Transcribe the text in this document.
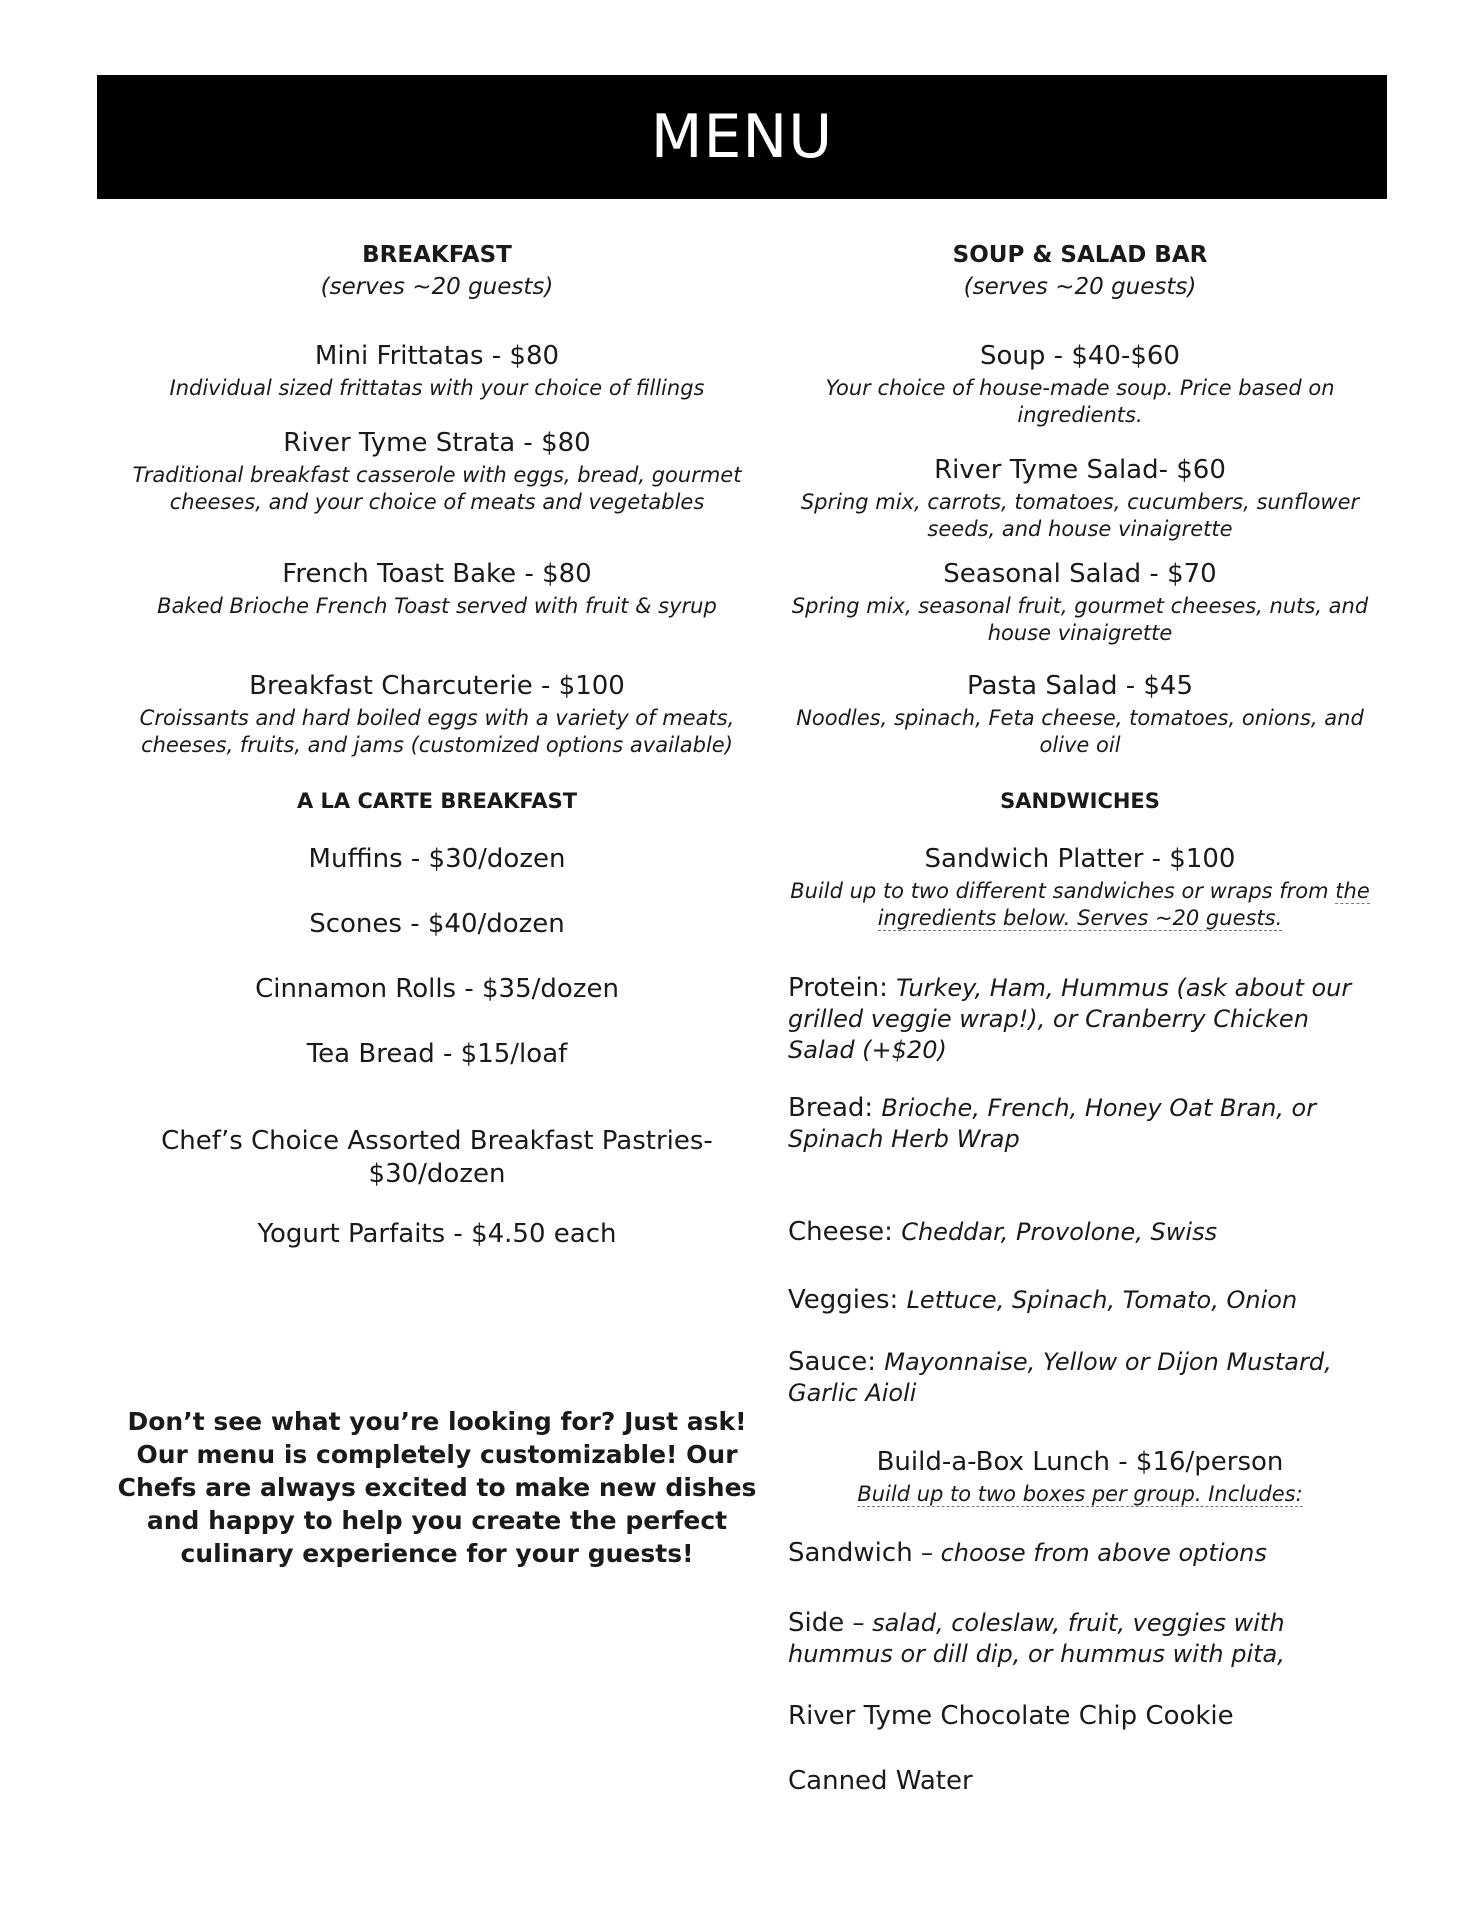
MENU
BREAKFAST
(serves ~20 guests)
Mini Frittatas - $80
Individual sized frittatas with your choice of fillings
River Tyme Strata - $80
Traditional breakfast casserole with eggs, bread, gourmet cheeses, and your choice of meats and vegetables
French Toast Bake - $80
Baked Brioche French Toast served with fruit & syrup
Breakfast Charcuterie - $100
Croissants and hard boiled eggs with a variety of meats, cheeses, fruits, and jams (customized options available)
A LA CARTE BREAKFAST
Muffins - $30/dozen
Scones - $40/dozen
Cinnamon Rolls - $35/dozen
Tea Bread - $15/loaf
Chef’s Choice Assorted Breakfast Pastries- $30/dozen
Yogurt Parfaits - $4.50 each
Don’t see what you’re looking for? Just ask! Our menu is completely customizable! Our Chefs are always excited to make new dishes and happy to help you create the perfect culinary experience for your guests!
SOUP & SALAD BAR
(serves ~20 guests)
Soup - $40-$60
Your choice of house-made soup. Price based on ingredients.
River Tyme Salad- $60
Spring mix, carrots, tomatoes, cucumbers, sunflower seeds, and house vinaigrette
Seasonal Salad - $70
Spring mix, seasonal fruit, gourmet cheeses, nuts, and house vinaigrette
Pasta Salad - $45
Noodles, spinach, Feta cheese, tomatoes, onions, and olive oil
SANDWICHES
Sandwich Platter - $100
Build up to two different sandwiches or wraps from the ingredients below. Serves ~20 guests.
Protein: Turkey, Ham, Hummus (ask about our grilled veggie wrap!), or Cranberry Chicken Salad (+$20)
Bread: Brioche, French, Honey Oat Bran, or Spinach Herb Wrap
Cheese: Cheddar, Provolone, Swiss
Veggies: Lettuce, Spinach, Tomato, Onion
Sauce: Mayonnaise, Yellow or Dijon Mustard, Garlic Aioli
Build-a-Box Lunch - $16/person
Build up to two boxes per group. Includes:
Sandwich – choose from above options
Side – salad, coleslaw, fruit, veggies with hummus or dill dip, or hummus with pita,
River Tyme Chocolate Chip Cookie
Canned Water
